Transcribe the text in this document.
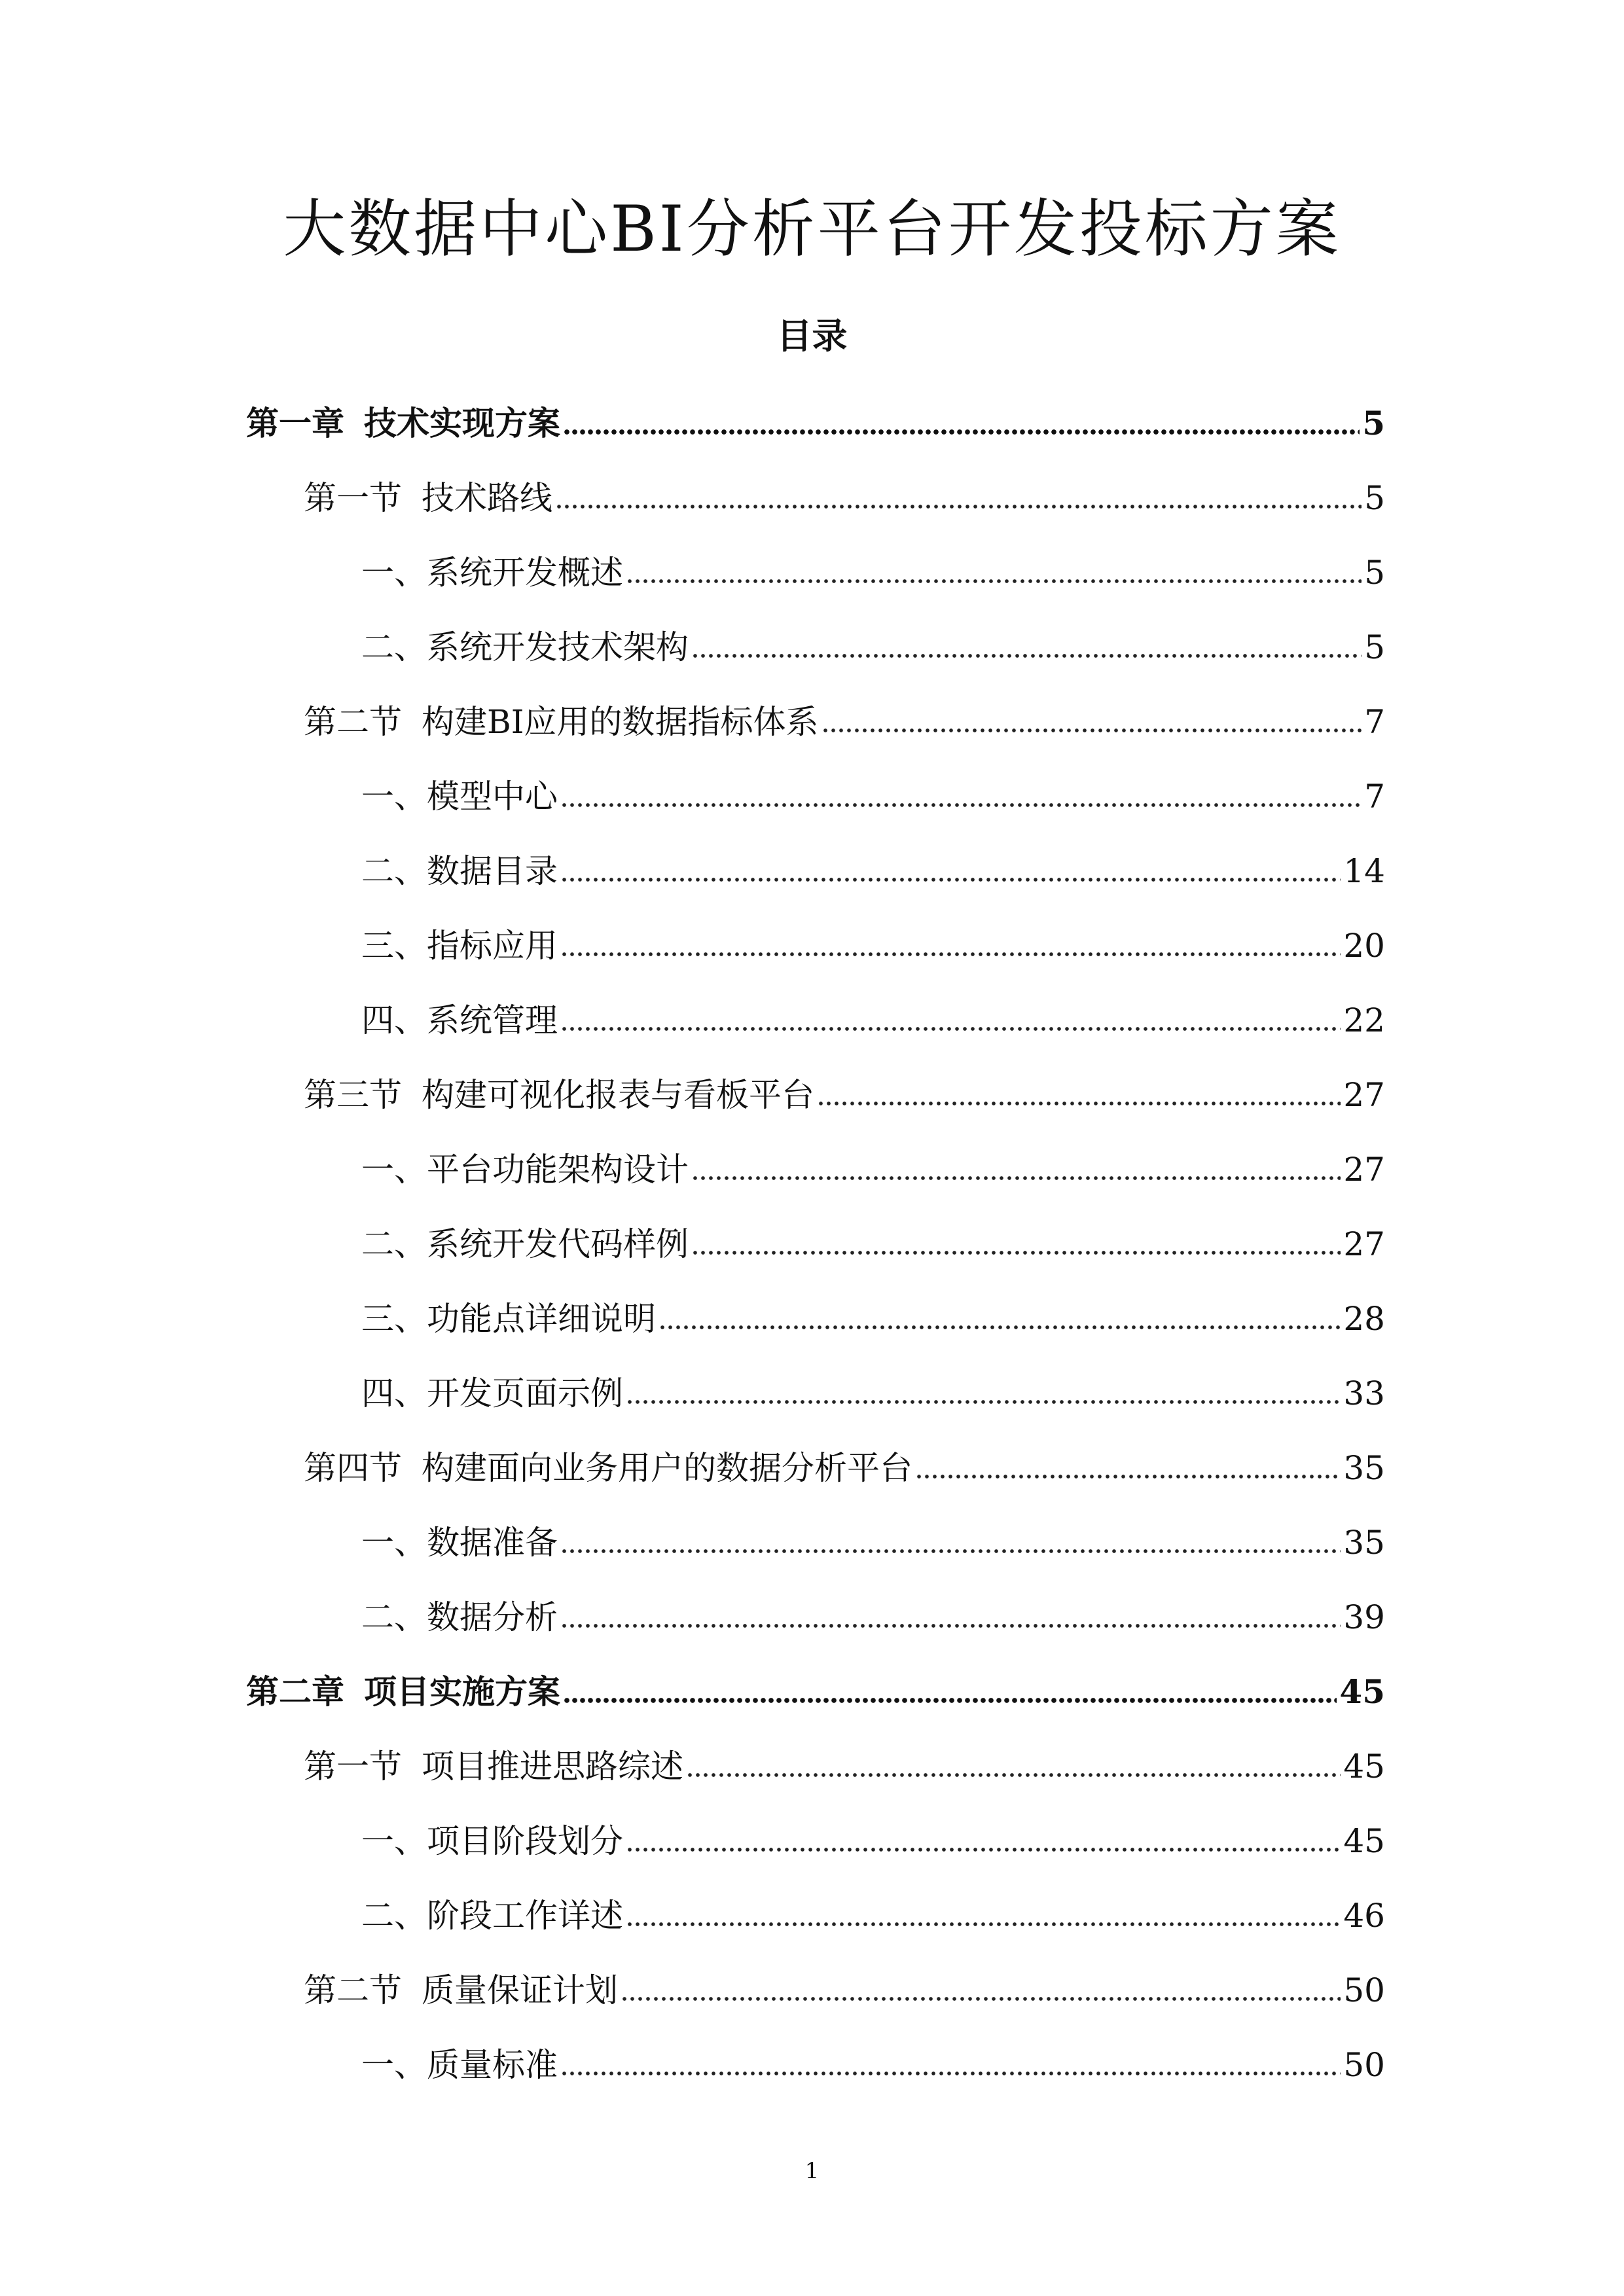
大数据中心BI分析平台开发投标方案
目录
第一章 技术实现方案	5
第一节 技术路线	5
一、 系统开发概述	5
二、 系统开发技术架构	5
第二节 构建BI应用的数据指标体系	7
一、 模型中心	7
二、 数据目录	14
三、 指标应用	20
四、 系统管理	22
第三节 构建可视化报表与看板平台	27
一、 平台功能架构设计	27
二、 系统开发代码样例	27
三、 功能点详细说明	28
四、 开发页面示例	33
第四节 构建面向业务用户的数据分析平台	35
一、 数据准备	35
二、 数据分析	39
第二章 项目实施方案	45
第一节 项目推进思路综述	45
一、 项目阶段划分	45
二、 阶段工作详述	46
第二节 质量保证计划	50
一、 质量标准	50
1
